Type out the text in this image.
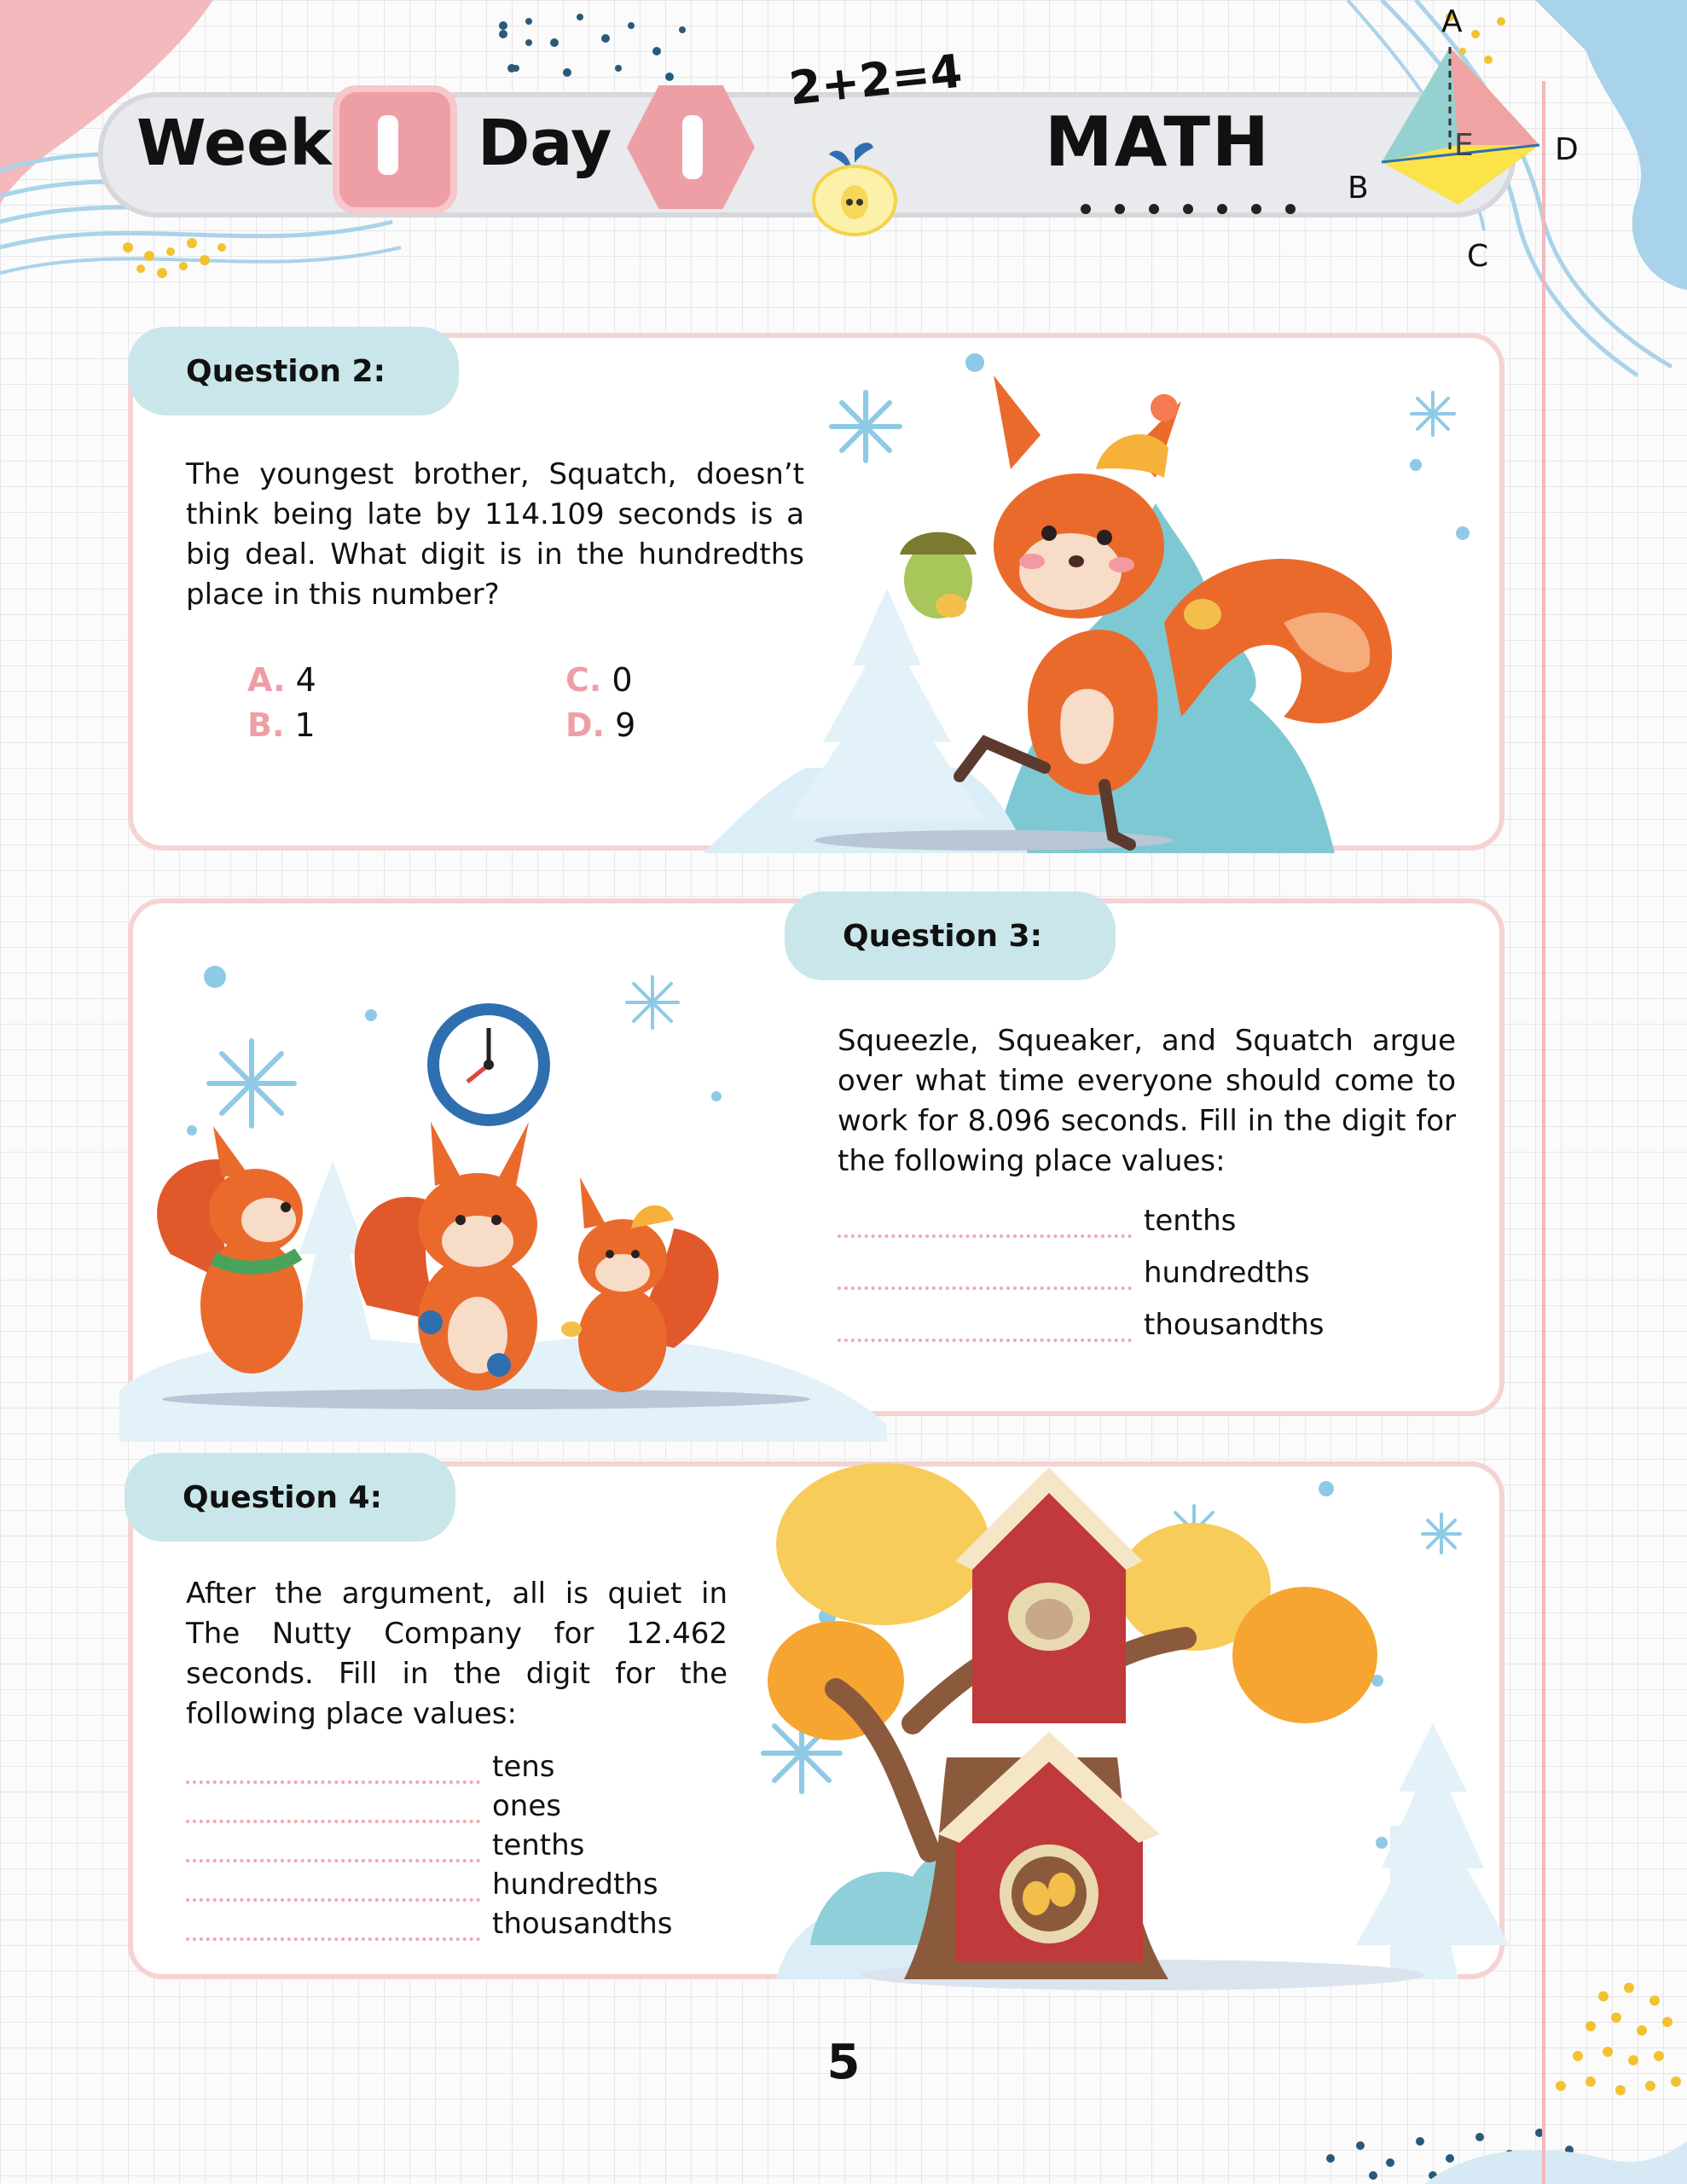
Week Day
2+2=4
MATH
A
B
C
D
E
Question 2:
The youngest brother, Squatch, doesn’t think being late by 114.109 seconds is a big deal. What digit is in the hundredths place in this number?
A. 4
B. 1
C. 0
D. 9
Question 3:
Squeezle, Squeaker, and Squatch argue over what time everyone should come to work for 8.096 seconds. Fill in the digit for the following place values:
tenths
hundredths
thousandths
Question 4:
After the argument, all is quiet in The Nutty Company for 12.462 seconds. Fill in the digit for the following place values:
tens
ones
tenths
hundredths
thousandths
5
